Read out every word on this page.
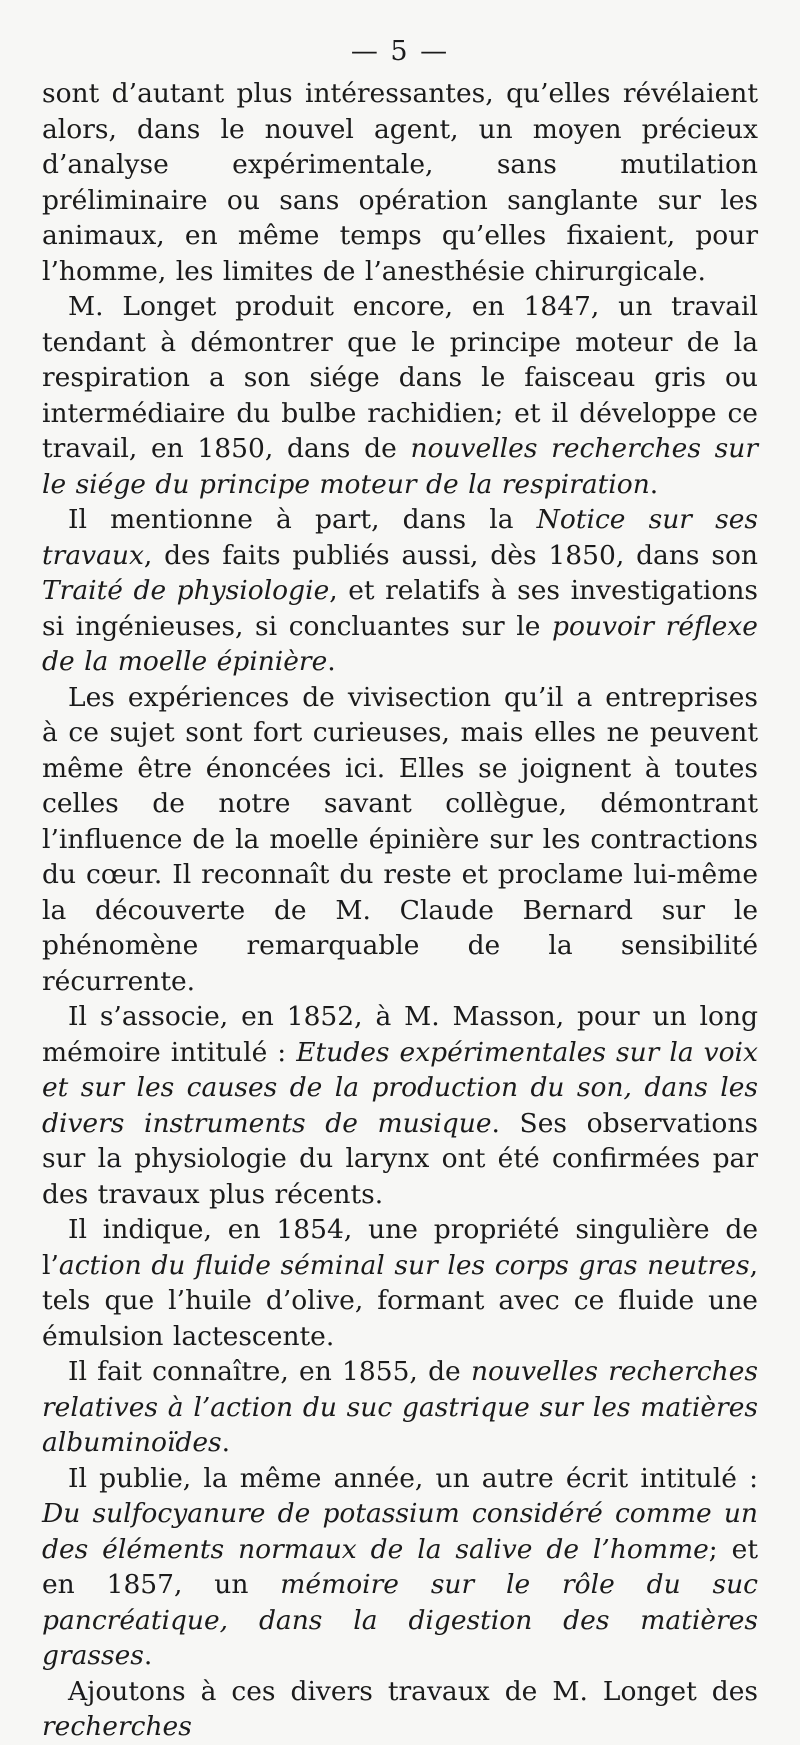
— 5 —

sont d’autant plus intéressantes, qu’elles révélaient alors, dans le nouvel agent, un moyen précieux d’analyse expérimentale, sans mutilation préliminaire ou sans opération sanglante sur les animaux, en même temps qu’elles fixaient, pour l’homme, les limites de l’anesthésie chirurgicale.

M. Longet produit encore, en 1847, un travail tendant à démontrer que le principe moteur de la respiration a son siége dans le faisceau gris ou intermédiaire du bulbe rachidien; et il développe ce travail, en 1850, dans de nouvelles recherches sur le siége du principe moteur de la respiration.

Il mentionne à part, dans la Notice sur ses travaux, des faits publiés aussi, dès 1850, dans son Traité de physiologie, et relatifs à ses investigations si ingénieuses, si concluantes sur le pouvoir réflexe de la moelle épinière.

Les expériences de vivisection qu’il a entreprises à ce sujet sont fort curieuses, mais elles ne peuvent même être énoncées ici. Elles se joignent à toutes celles de notre savant collègue, démontrant l’influence de la moelle épinière sur les contractions du cœur. Il reconnaît du reste et proclame lui-même la découverte de M. Claude Bernard sur le phénomène remarquable de la sensibilité récurrente.

Il s’associe, en 1852, à M. Masson, pour un long mémoire intitulé : Etudes expérimentales sur la voix et sur les causes de la production du son, dans les divers instruments de musique. Ses observations sur la physiologie du larynx ont été confirmées par des travaux plus récents.

Il indique, en 1854, une propriété singulière de l’action du fluide séminal sur les corps gras neutres, tels que l’huile d’olive, formant avec ce fluide une émulsion lactescente.

Il fait connaître, en 1855, de nouvelles recherches relatives à l’action du suc gastrique sur les matières albuminoïdes.

Il publie, la même année, un autre écrit intitulé : Du sulfocyanure de potassium considéré comme un des éléments normaux de la salive de l’homme; et en 1857, un mémoire sur le rôle du suc pancréatique, dans la digestion des matières grasses.

Ajoutons à ces divers travaux de M. Longet des recherches
